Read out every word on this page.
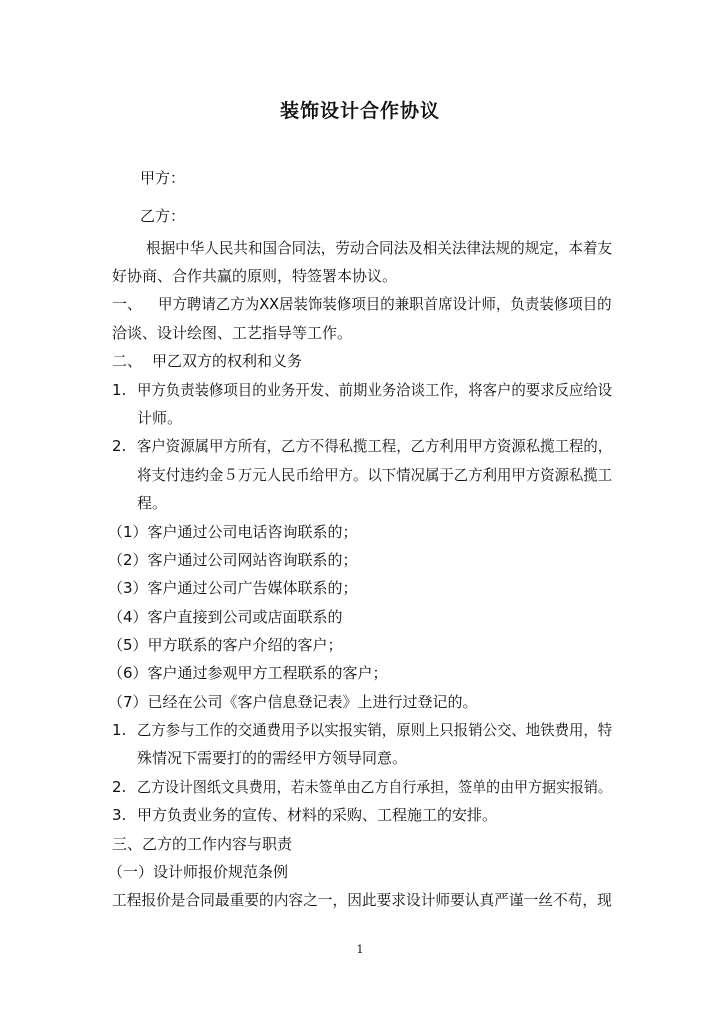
装饰设计合作协议
甲方：
乙方：
根据中华人民共和国合同法，劳动合同法及相关法律法规的规定，本着友
好协商、合作共赢的原则，特签署本协议。
一、 甲方聘请乙方为XX居装饰装修项目的兼职首席设计师，负责装修项目的
洽谈、设计绘图、工艺指导等工作。
二、 甲乙双方的权利和义务
1. 甲方负责装修项目的业务开发、前期业务洽谈工作，将客户的要求反应给设
计师。
2. 客户资源属甲方所有，乙方不得私揽工程，乙方利用甲方资源私揽工程的，
将支付违约金５万元人民币给甲方。以下情况属于乙方利用甲方资源私揽工
程。
（1）客户通过公司电话咨询联系的；
（2）客户通过公司网站咨询联系的；
（3）客户通过公司广告媒体联系的；
（4）客户直接到公司或店面联系的
（5）甲方联系的客户介绍的客户；
（6）客户通过参观甲方工程联系的客户；
（7）已经在公司《客户信息登记表》上进行过登记的。
1. 乙方参与工作的交通费用予以实报实销，原则上只报销公交、地铁费用，特
殊情况下需要打的的需经甲方领导同意。
2. 乙方设计图纸文具费用，若未签单由乙方自行承担，签单的由甲方据实报销。
3. 甲方负责业务的宣传、材料的采购、工程施工的安排。
三、乙方的工作内容与职责
（一）设计师报价规范条例
工程报价是合同最重要的内容之一，因此要求设计师要认真严谨一丝不苟，现
1
